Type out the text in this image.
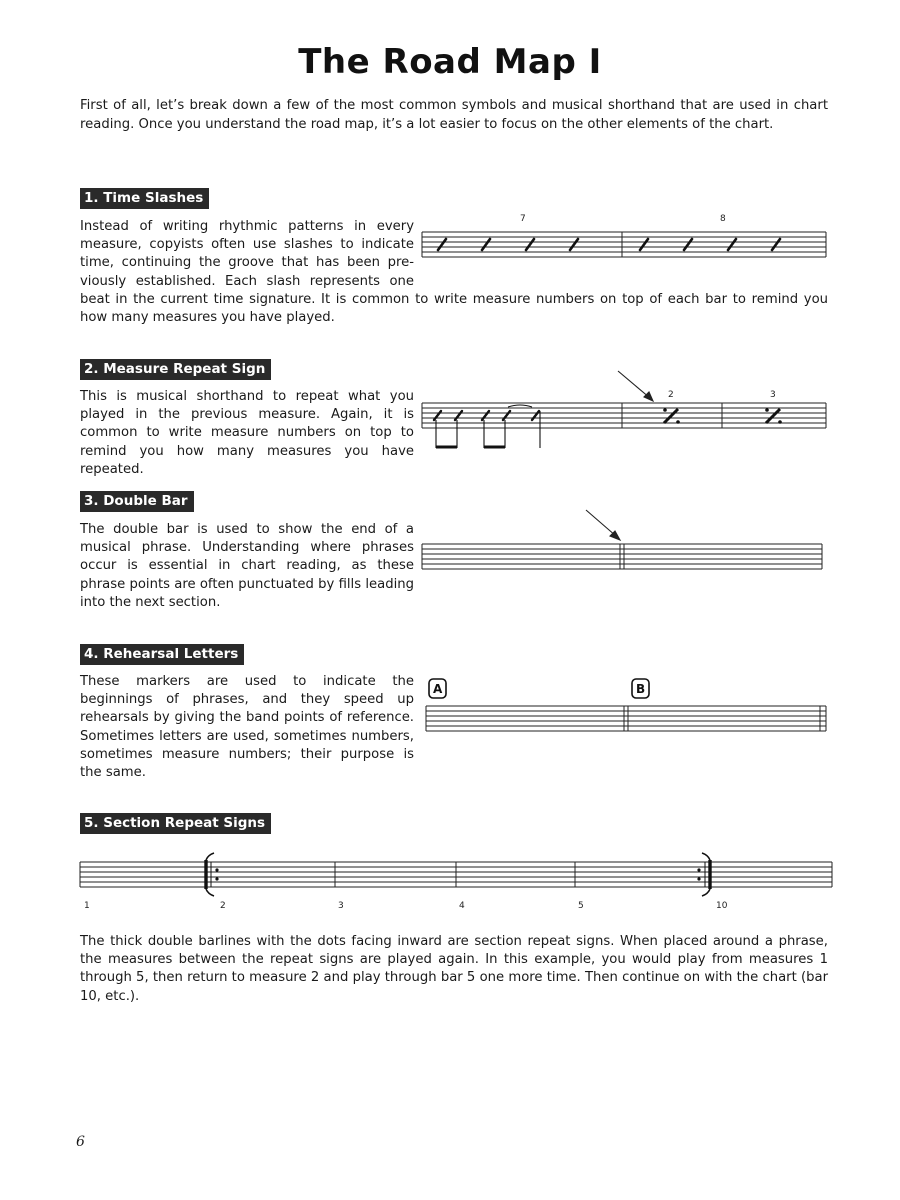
The Road Map I
First of all, let’s break down a few of the most common symbols and musical shorthand that are used in chart reading. Once you understand the road map, it’s a lot easier to focus on the other elements of the chart.
1. Time Slashes
Instead of writing rhythmic patterns in every
measure, copyists often use slashes to indicate
time, continuing the groove that has been pre-
viously established. Each slash represents one
beat in the current time signature. It is common to write measure numbers on top of each bar to remind you how many measures you have played.
7	8
2. Measure Repeat Sign
This is musical shorthand to repeat what you played in the previous measure. Again, it is common to write measure numbers on top to remind you how many measures you have repeated.
2	3
3. Double Bar
The double bar is used to show the end of a musical phrase. Understanding where phrases occur is essential in chart reading, as these phrase points are often punctuated by fills leading into the next section.
4. Rehearsal Letters
These markers are used to indicate the beginnings of phrases, and they speed up rehearsals by giving the band points of reference. Sometimes letters are used, sometimes numbers, sometimes measure numbers; their purpose is the same.
A	B
5. Section Repeat Signs
1	2	3	4	5	10
The thick double barlines with the dots facing inward are section repeat signs. When placed around a phrase, the measures between the repeat signs are played again. In this example, you would play from measures 1 through 5, then return to measure 2 and play through bar 5 one more time. Then continue on with the chart (bar 10, etc.).
6
